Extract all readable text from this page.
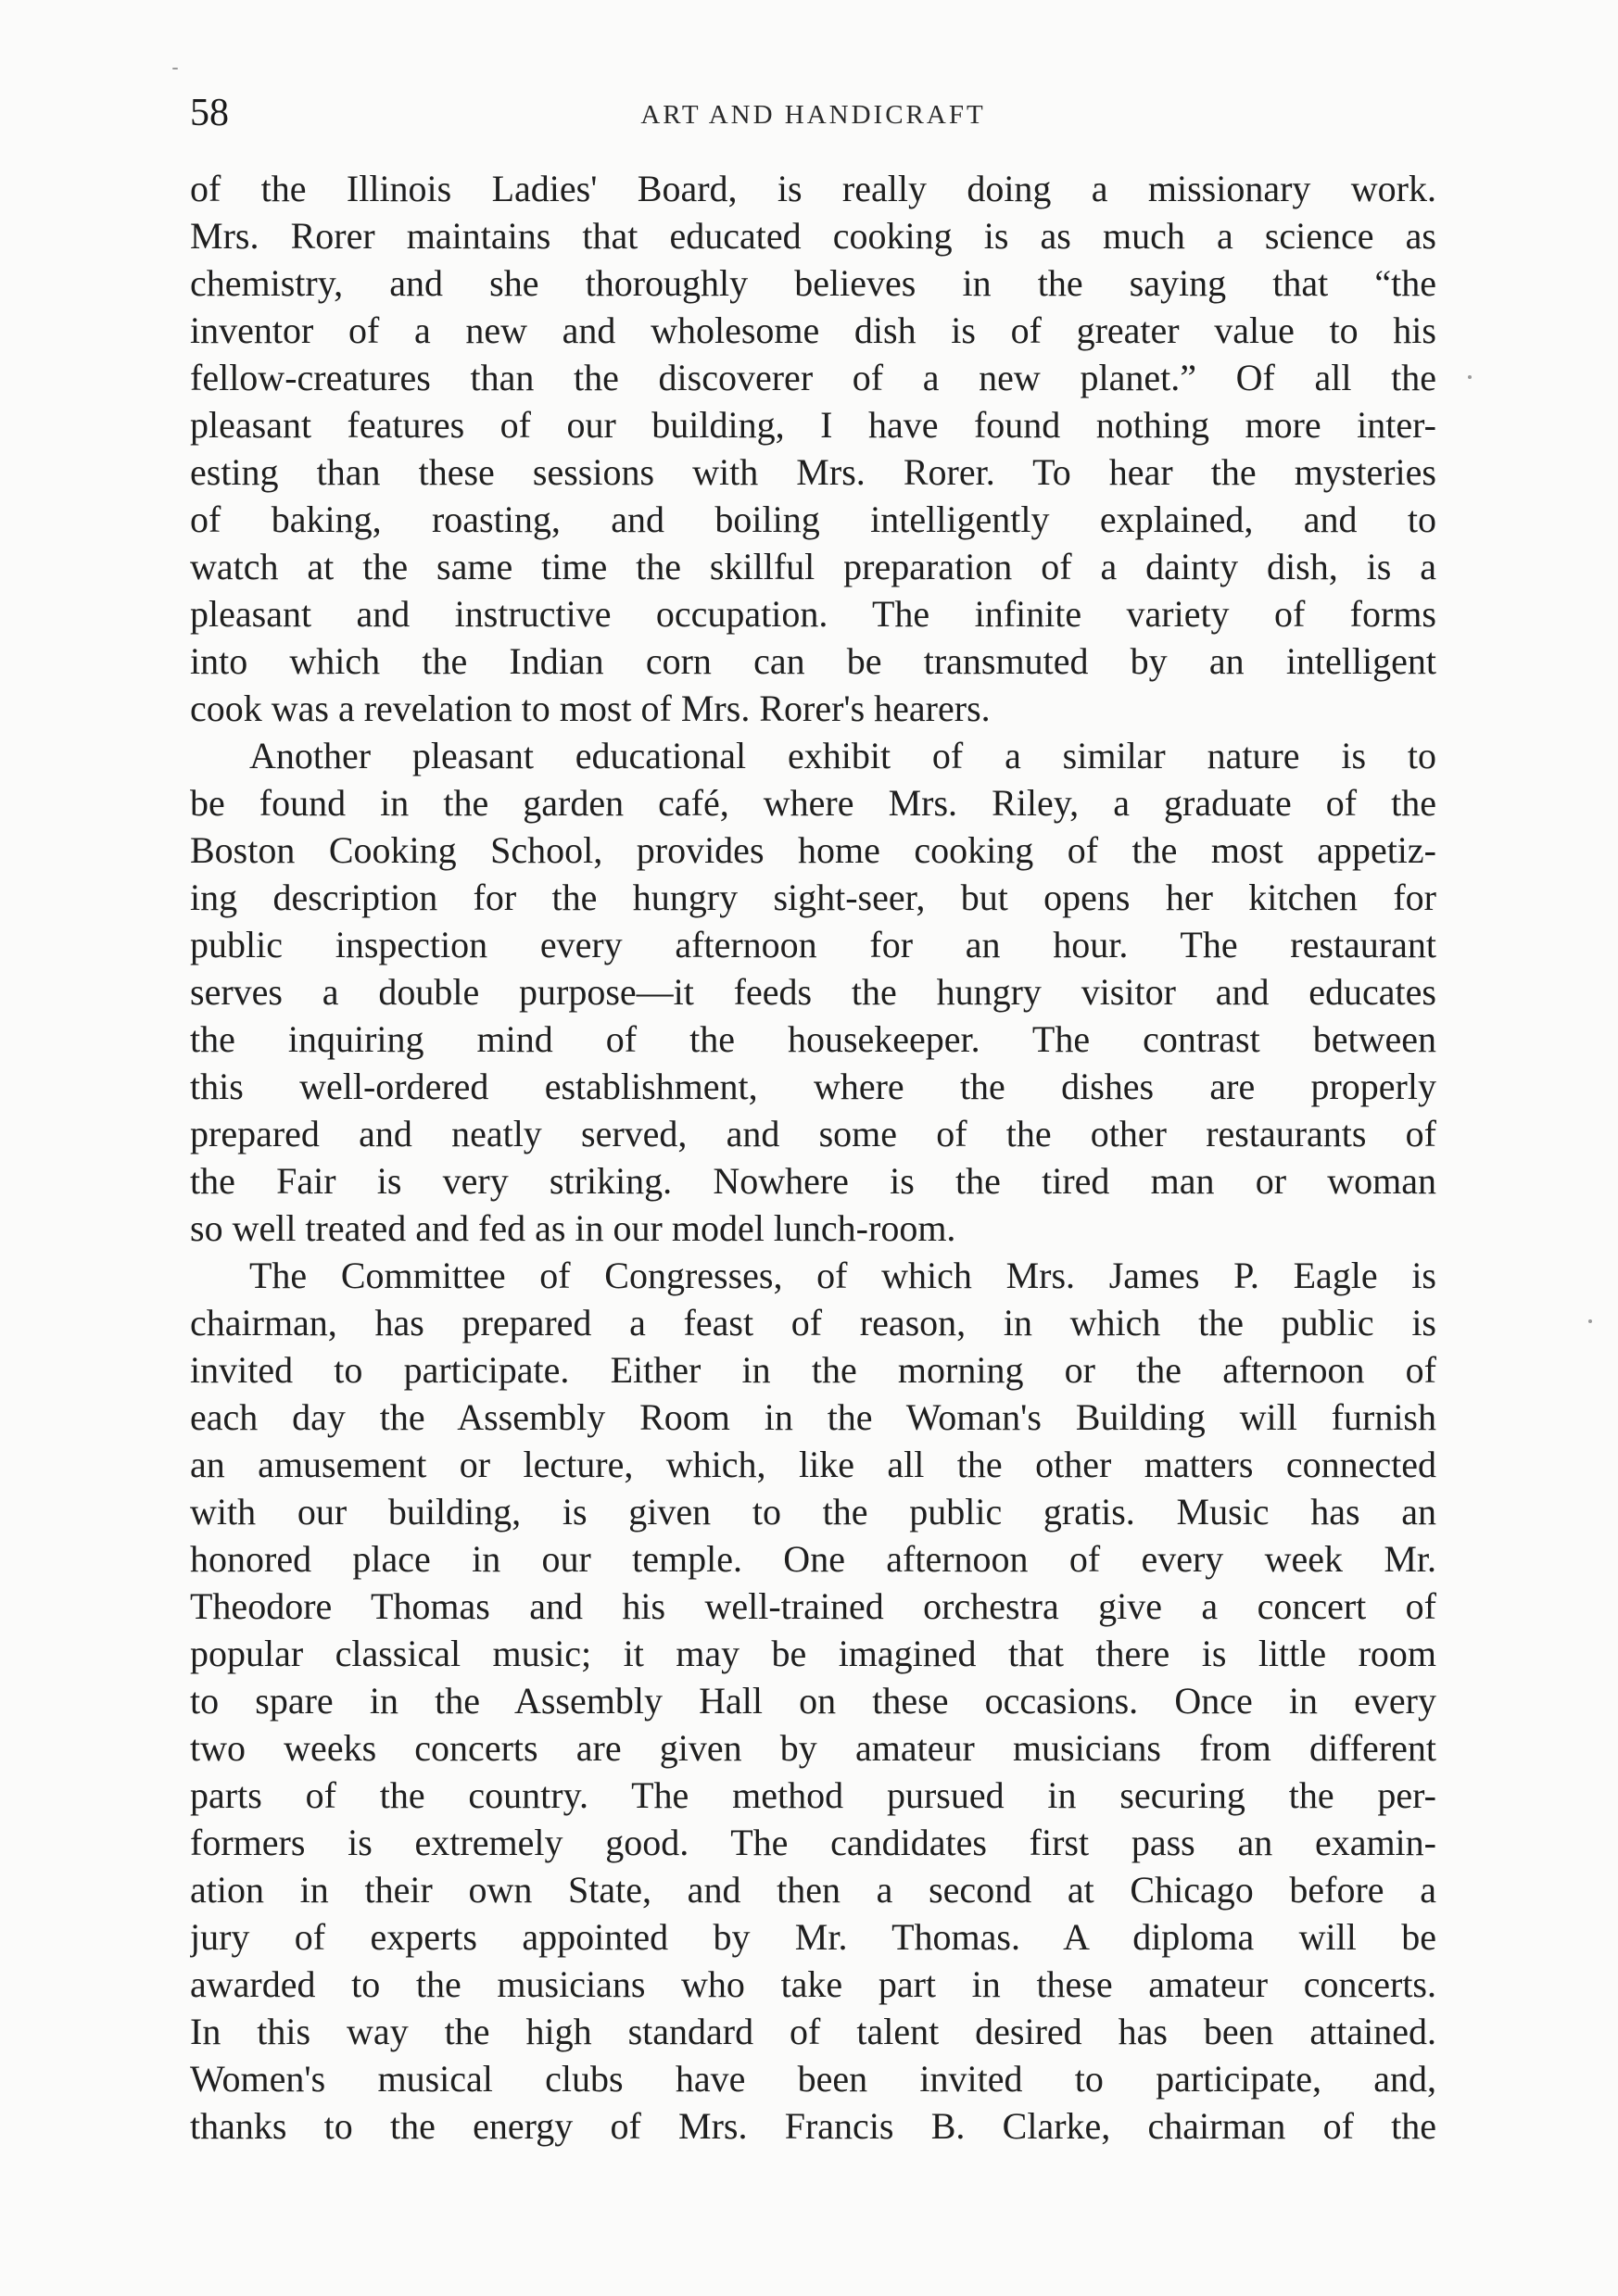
58	ART AND HANDICRAFT

of the Illinois Ladies' Board, is really doing a missionary work.
Mrs. Rorer maintains that educated cooking is as much a science as
chemistry, and she thoroughly believes in the saying that “the
inventor of a new and wholesome dish is of greater value to his
fellow-creatures than the discoverer of a new planet.” Of all the
pleasant features of our building, I have found nothing more inter-
esting than these sessions with Mrs. Rorer. To hear the mysteries
of baking, roasting, and boiling intelligently explained, and to
watch at the same time the skillful preparation of a dainty dish, is a
pleasant and instructive occupation. The infinite variety of forms
into which the Indian corn can be transmuted by an intelligent
cook was a revelation to most of Mrs. Rorer's hearers.

Another pleasant educational exhibit of a similar nature is to
be found in the garden café, where Mrs. Riley, a graduate of the
Boston Cooking School, provides home cooking of the most appetiz-
ing description for the hungry sight-seer, but opens her kitchen for
public inspection every afternoon for an hour. The restaurant
serves a double purpose—it feeds the hungry visitor and educates
the inquiring mind of the housekeeper. The contrast between
this well-ordered establishment, where the dishes are properly
prepared and neatly served, and some of the other restaurants of
the Fair is very striking. Nowhere is the tired man or woman
so well treated and fed as in our model lunch-room.

The Committee of Congresses, of which Mrs. James P. Eagle is
chairman, has prepared a feast of reason, in which the public is
invited to participate. Either in the morning or the afternoon of
each day the Assembly Room in the Woman's Building will furnish
an amusement or lecture, which, like all the other matters connected
with our building, is given to the public gratis. Music has an
honored place in our temple. One afternoon of every week Mr.
Theodore Thomas and his well-trained orchestra give a concert of
popular classical music; it may be imagined that there is little room
to spare in the Assembly Hall on these occasions. Once in every
two weeks concerts are given by amateur musicians from different
parts of the country. The method pursued in securing the per-
formers is extremely good. The candidates first pass an examin-
ation in their own State, and then a second at Chicago before a
jury of experts appointed by Mr. Thomas. A diploma will be
awarded to the musicians who take part in these amateur concerts.
In this way the high standard of talent desired has been attained.
Women's musical clubs have been invited to participate, and,
thanks to the energy of Mrs. Francis B. Clarke, chairman of the
